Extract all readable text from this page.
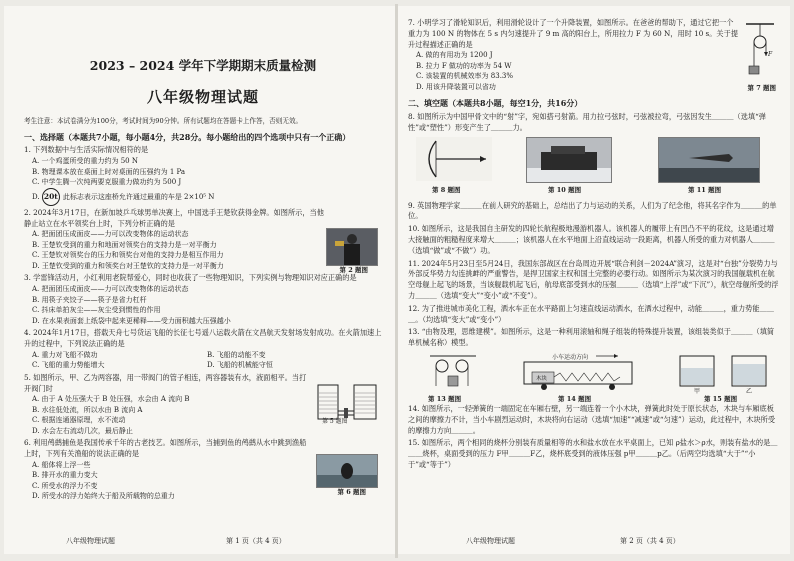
2023 – 2024 学年下学期期末质量检测
八年级物理试题
考生注意：本试卷满分为100分，考试时间为90分钟。所有试题均在答题卡上作答，否则无效。
一、选择题（本题共7小题，每小题4分，共28分。每小题给出的四个选项中只有一个正确）
1. 下列数据中与生活实际情况相符的是
A. 一个鸡蛋所受的重力约为 50 N
B. 物理课本放在桌面上时对桌面的压强约为 1 Pa
C. 中学生腾一次纯两要克服重力做功约为 500 J
D. 20t 此标志表示这座桥允许通过最重的车是 2×10⁵ N
2. 2024年3月17日，在新加坡乒乓球男单决赛上，中国选手王楚钦获得金牌。如图所示，当他静止站立在水平领奖台上时，下列分析正确的是
A. 把面团压成面皮——力可以改变物体的运动状态
B. 王楚钦受到的重力和地面对领奖台的支持力是一对平衡力
C. 王楚钦对领奖台的压力和领奖台对他的支持力是相互作用力
D. 王楚钦受到的重力和领奖台对王楚钦的支持力是一对平衡力	第 2 题图
3. 学雷锋活动月，小红利用老院帮爱心，同时也收获了一些物理知识，下列实例与物理知识对应正确的是
A. 把面团压成面皮——力可以改变物体的运动状态
B. 用筷子夹饺子——筷子是省力杠杆
C. 抖床单拍灰尘——灰尘受到惯性的作用
D. 在水果表面套上纸袋中起来更稀释——受力面积越大压强越小
4. 2024年1月17日，搭载天舟七号货运飞船的长征七号遥八运载火箭在文昌航天发射场发射成功。在火箭加速上升的过程中，下列说法正确的是
A. 重力对飞船不做功	B. 飞船的动能不变
C. 飞船的重力势能增大	D. 飞船的机械能守恒
5. 如图所示，甲、乙为两容器，用一带阀门的管子相连，两容器装有水，液面相平。当打开阀门时
A. 由于 A 处压强大于 B 处压强，水会由 A 流向 B
B. 水往低处流，所以水由 B 流向 A
C. 根据连通器原理，水不流动
D. 水会左右流动几次，最后静止
第 5 题图
6. 利用鸬鹚捕鱼是我国传承千年的古老技艺。如图所示，当捕到鱼的鸬鹚从水中跳到渔船上时，下列有关渔船的说法正确的是
A. 船体将上浮一些
B. 排开水的重力变大
C. 所受水的浮力不变
D. 所受水的浮力始终大于船及所载物的总重力
第 6 题图
八年级物理试题	第 1 页（共 4 页）
7. 小明学习了滑轮知识后，利用滑轮设计了一个升降装置，如图所示。在爸爸的帮助下，通过它把一个重力为 100 N 的物体在 5 s 内匀速提升了 9 m 高的阳台上，所用拉力 F 为 60 N，用时 10 s。关于提升过程描述正确的是
A. 做的有用功为 1200 J
B. 拉力 F 做功的功率为 54 W
C. 该装置的机械效率为 83.3%
D. 用该升降装置可以省功
F
第 7 题图
二、填空题（本题共8小题，每空1分，共16分）
8. 如图所示为中国甲骨文中的“射”字，宛如搭弓射箭。用力拉弓弦时，弓弦被拉弯，弓弦因发生＿＿＿（选填“弹性”或“塑性”）形变产生了＿＿＿力。
第 8 题图	第 10 题图	第 11 题图
9. 英国物理学家＿＿＿在前人研究的基础上，总结出了力与运动的关系，人们为了纪念他，将其名字作为＿＿＿的单位。
10. 如图所示，这是我国自主研发的四轮长航程极地漫游机器人。该机器人的履带上有凹凸不平的花纹，这是通过增大接触面的粗糙程度来增大＿＿＿；该机器人在水平地面上沿直线运动一段距离，机器人所受的重力对机器人＿＿＿（选填“做”或“不做”）功。
11. 2024年5月23日至5月24日，我国东部战区在台岛周边开展“联合利剑－2024A”演习，这是对“台独”分裂势力与外部反华势力勾连挑衅的严重警告，是捍卫国家主权和国土完整的必要行动。如图所示为某次演习的我国舰载机在航空母舰上起飞的场景，当该舰载机起飞后，航母底部受到水的压强＿＿＿（选填“上浮”或“下沉”），航空母舰所受的浮力＿＿＿（选填“变大”“变小”或“不变”）。
12. 为了推进城市美化工程，洒水车正在水平路面上匀速直线运动洒水，在洒水过程中，动能＿＿＿，重力势能＿＿＿。（均选填“变大”或“变小”）
13. “由物及理，思维建模”。如图所示，这是一种利用滚轴和绳子组装的特殊提升装置，该组装类似于＿＿＿（填简单机械名称）模型。
小车运动方向
木块
甲	乙
第 13 题图	第 14 题图	第 15 题图
14. 如图所示，一轻弹簧的一端固定在车厢右壁，另一端连着一个小木块，弹簧此时处于原长状态，木块与车厢底板之间的摩擦力不计，当小车剧烈运动时，木块将向右运动（选填“加速”“减速”或“匀速”）运动，此过程中，木块所受的摩擦力方向＿＿＿。
15. 如图所示，两个相同的烧杯分别装有质量相等的水和盐水放在水平桌面上，已知 ρ盐水＞ρ水，则装有盐水的是＿＿＿烧杯，桌面受到的压力 F甲＿＿＿F乙，烧杯底受到的液体压强 p甲＿＿＿p乙。（后两空均选填“大于”“小于”或“等于”）
八年级物理试题	第 2 页（共 4 页）
